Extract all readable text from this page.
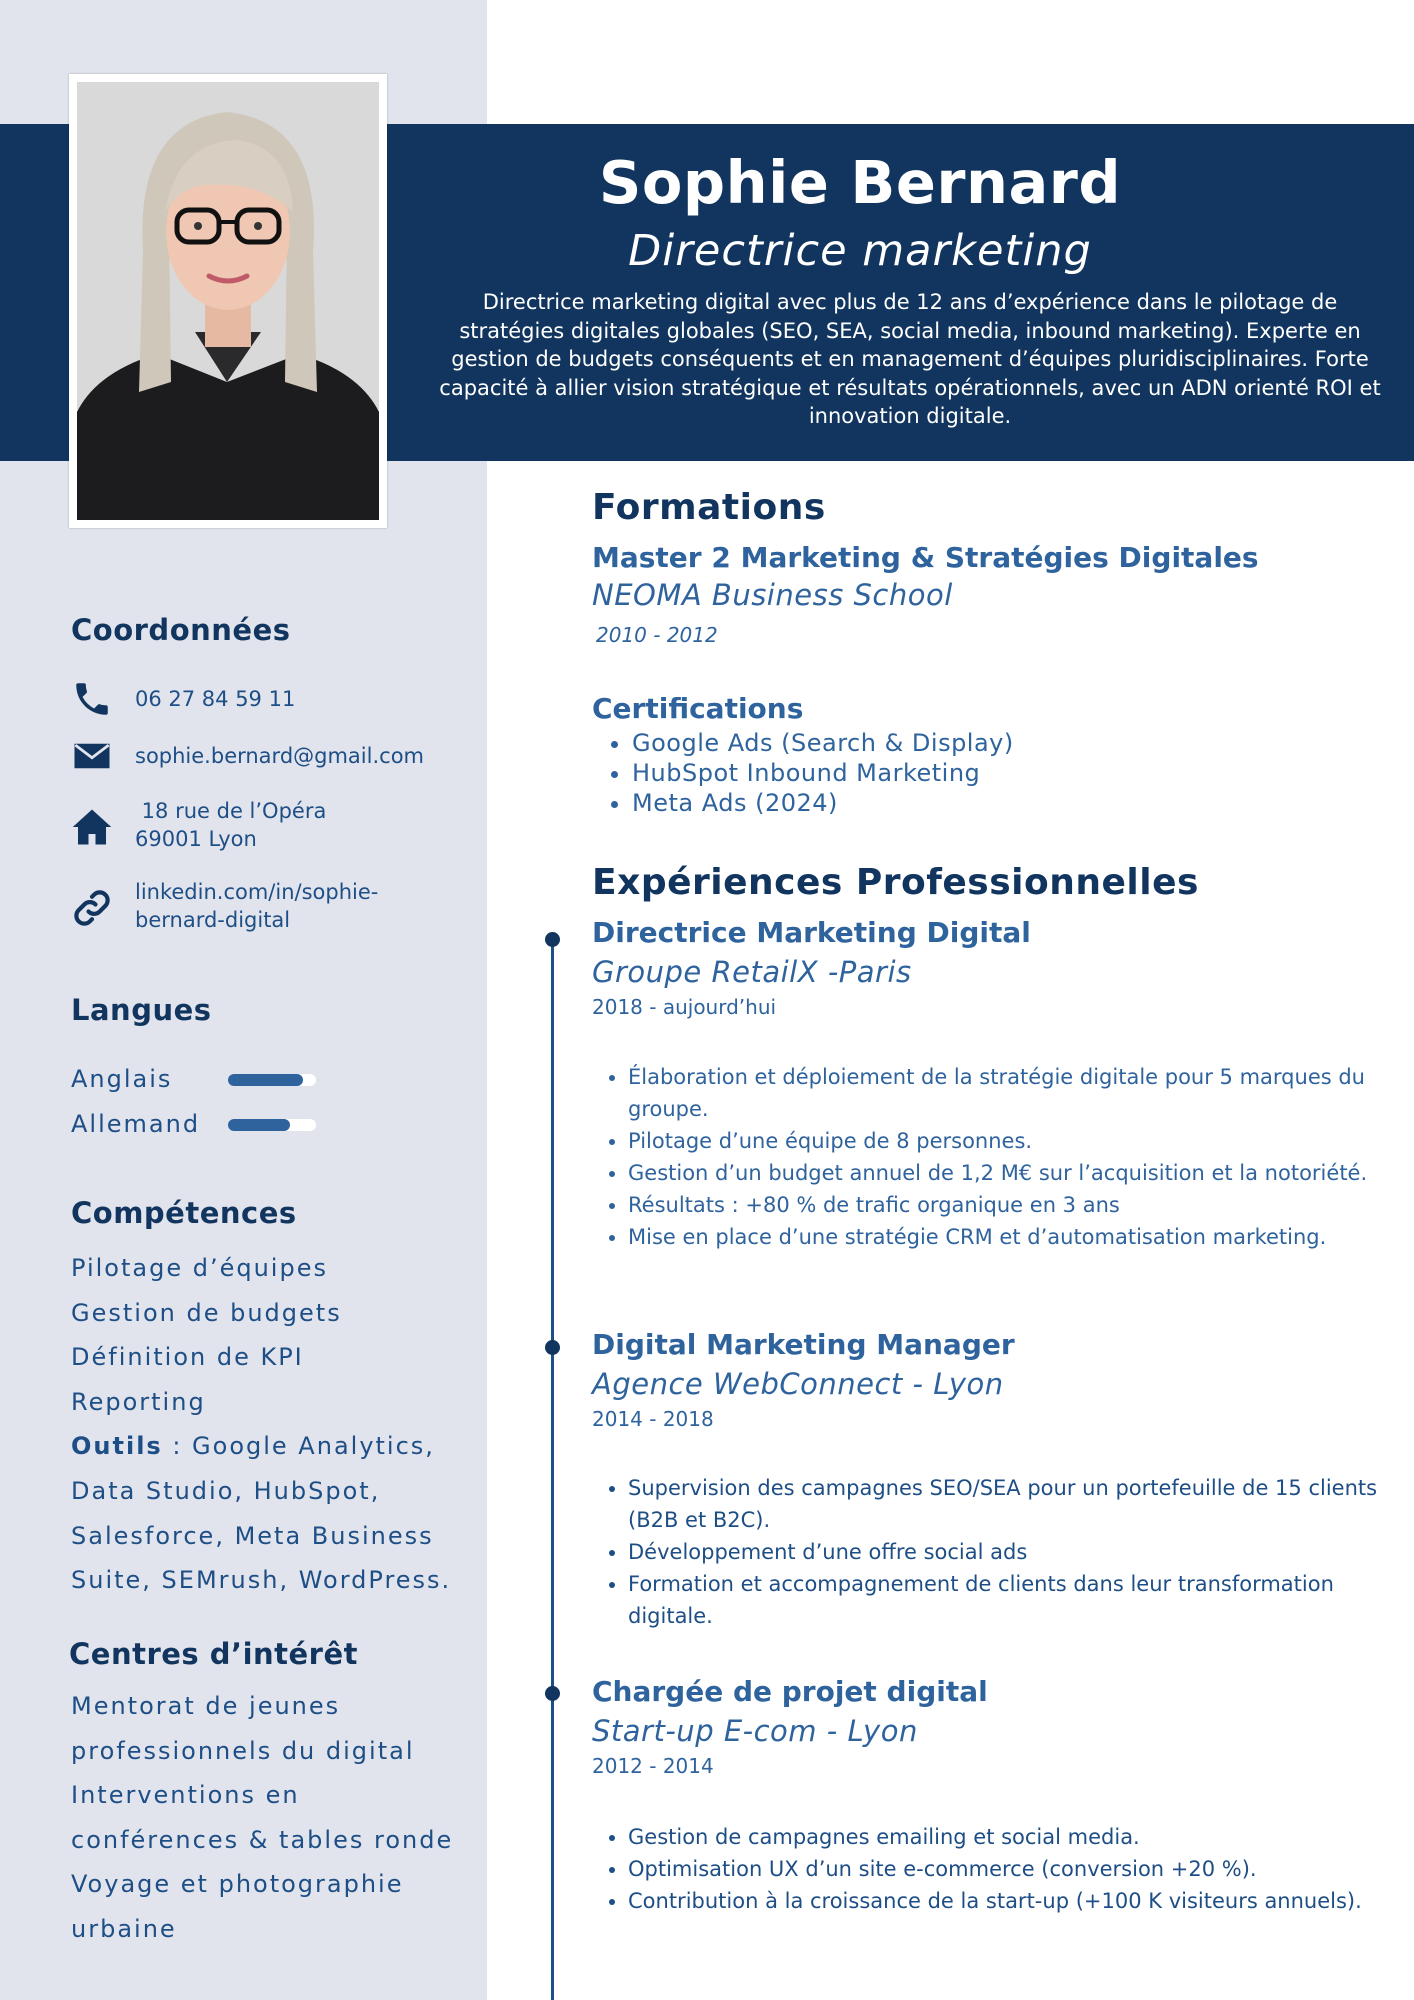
Sophie Bernard
Directrice marketing
Directrice marketing digital avec plus de 12 ans d’expérience dans le pilotage de stratégies digitales globales (SEO, SEA, social media, inbound marketing). Experte en gestion de budgets conséquents et en management d’équipes pluridisciplinaires. Forte capacité à allier vision stratégique et résultats opérationnels, avec un ADN orienté ROI et innovation digitale.
Coordonnées
06 27 84 59 11
sophie.bernard@gmail.com
18 rue de l’Opéra
69001 Lyon
linkedin.com/in/sophie-
bernard-digital
Langues
Anglais
Allemand
Compétences
Pilotage d’équipes
Gestion de budgets
Définition de KPI
Reporting
Outils : Google Analytics,
Data Studio, HubSpot,
Salesforce, Meta Business
Suite, SEMrush, WordPress.
Centres d’intérêt
Mentorat de jeunes
professionnels du digital
Interventions en
conférences & tables ronde
Voyage et photographie
urbaine
Formations
Master 2 Marketing & Stratégies Digitales
NEOMA Business School
2010 - 2012
Certifications
• Google Ads (Search & Display)
• HubSpot Inbound Marketing
• Meta Ads (2024)
Expériences Professionnelles
Directrice Marketing Digital
Groupe RetailX -Paris
2018 - aujourd’hui
• Élaboration et déploiement de la stratégie digitale pour 5 marques du groupe.
• Pilotage d’une équipe de 8 personnes.
• Gestion d’un budget annuel de 1,2 M€ sur l’acquisition et la notoriété.
• Résultats : +80 % de trafic organique en 3 ans
• Mise en place d’une stratégie CRM et d’automatisation marketing.
Digital Marketing Manager
Agence WebConnect - Lyon
2014 - 2018
• Supervision des campagnes SEO/SEA pour un portefeuille de 15 clients (B2B et B2C).
• Développement d’une offre social ads
• Formation et accompagnement de clients dans leur transformation digitale.
Chargée de projet digital
Start-up E-com - Lyon
2012 - 2014
• Gestion de campagnes emailing et social media.
• Optimisation UX d’un site e-commerce (conversion +20 %).
• Contribution à la croissance de la start-up (+100 K visiteurs annuels).
